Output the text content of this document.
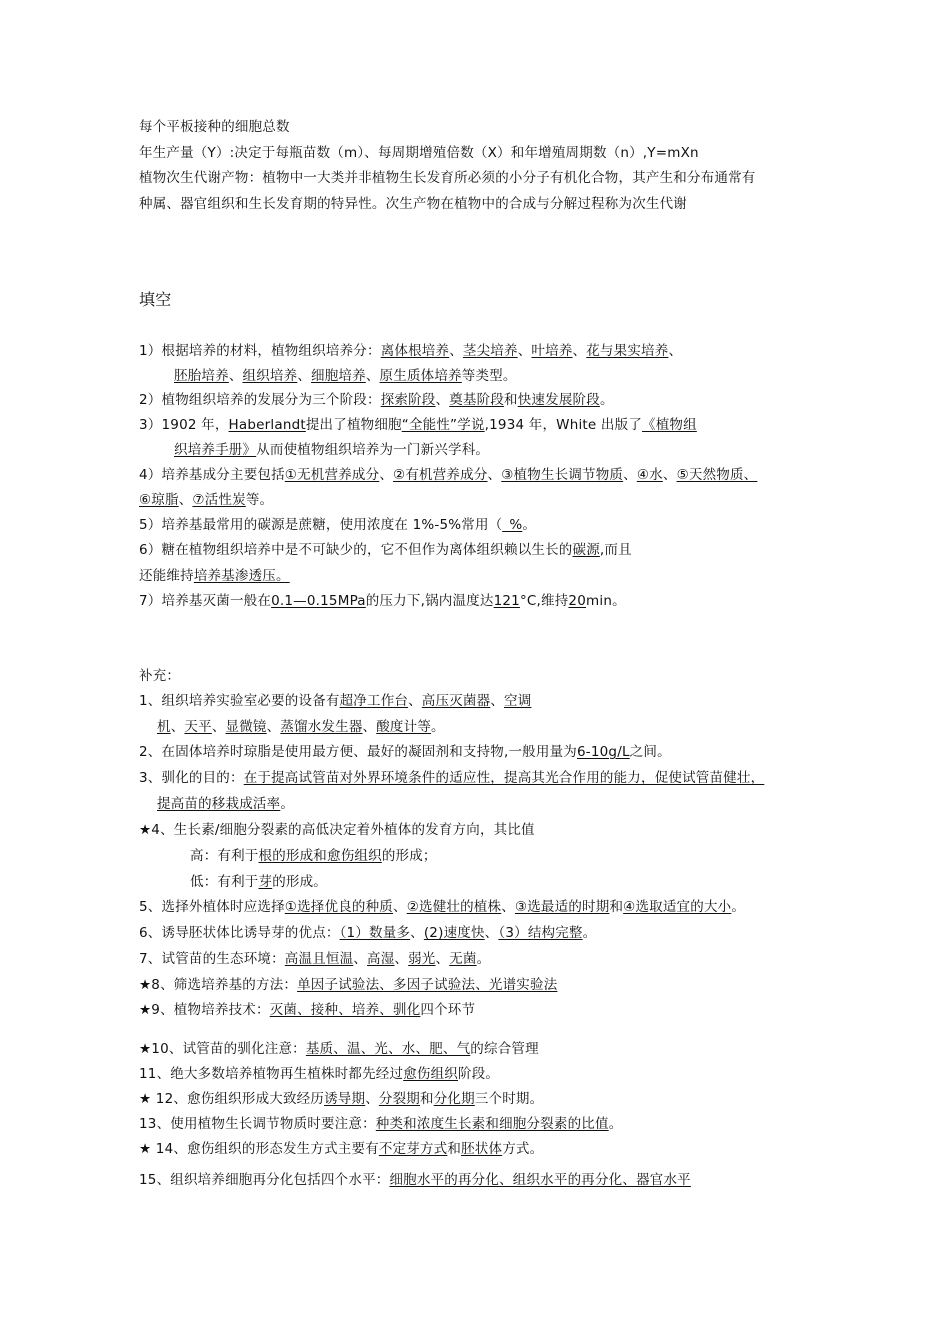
每个平板接种的细胞总数
年生产量（Y）:决定于每瓶苗数（m）、每周期增殖倍数（X）和年增殖周期数（n）,Y=mXn
植物次生代谢产物：植物中一大类并非植物生长发育所必须的小分子有机化合物，其产生和分布通常有
种属、器官组织和生长发育期的特异性。次生产物在植物中的合成与分解过程称为次生代谢
填空
1）根据培养的材料，植物组织培养分：离体根培养、茎尖培养、叶培养、花与果实培养、
胚胎培养、组织培养、细胞培养、原生质体培养等类型。
2）植物组织培养的发展分为三个阶段：探索阶段、奠基阶段和快速发展阶段。
3）1902 年，Haberlandt提出了植物细胞“全能性”学说,1934 年，White 出版了《植物组
织培养手册》从而使植物组织培养为一门新兴学科。
4）培养基成分主要包括①无机营养成分、②有机营养成分、③植物生长调节物质、④水、⑤天然物质、
⑥琼脂、⑦活性炭等。
5）培养基最常用的碳源是蔗糖，使用浓度在 1%-5%常用（_%。
6）糖在植物组织培养中是不可缺少的，它不但作为离体组织赖以生长的碳源,而且
还能维持培养基渗透压。
7）培养基灭菌一般在0.1—0.15MPa的压力下,锅内温度达121°C,维持20min。
补充：
1、组织培养实验室必要的设备有超净工作台、高压灭菌器、空调
机、天平、显微镜、蒸馏水发生器、酸度计等。
2、在固体培养时琼脂是使用最方便、最好的凝固剂和支持物,一般用量为6-10g/L之间。
3、驯化的目的：在于提高试管苗对外界环境条件的适应性，提高其光合作用的能力，促使试管苗健壮，
提高苗的移栽成活率。
★4、生长素/细胞分裂素的高低决定着外植体的发育方向，其比值
高：有利于根的形成和愈伤组织的形成；
低：有利于芽的形成。
5、选择外植体时应选择①选择优良的种质、②选健壮的植株、③选最适的时期和④选取适宜的大小。
6、诱导胚状体比诱导芽的优点：（1）数量多、(2)速度快、（3）结构完整。
7、试管苗的生态环境：高温且恒温、高湿、弱光、无菌。
★8、筛选培养基的方法：单因子试验法、多因子试验法、光谱实验法
★9、植物培养技术：灭菌、接种、培养、驯化四个环节
★10、试管苗的驯化注意：基质、温、光、水、肥、气的综合管理
11、绝大多数培养植物再生植株时都先经过愈伤组织阶段。
★ 12、愈伤组织形成大致经历诱导期、分裂期和分化期三个时期。
13、使用植物生长调节物质时要注意：种类和浓度生长素和细胞分裂素的比值。
★ 14、愈伤组织的形态发生方式主要有不定芽方式和胚状体方式。
15、组织培养细胞再分化包括四个水平：细胞水平的再分化、组织水平的再分化、器官水平
